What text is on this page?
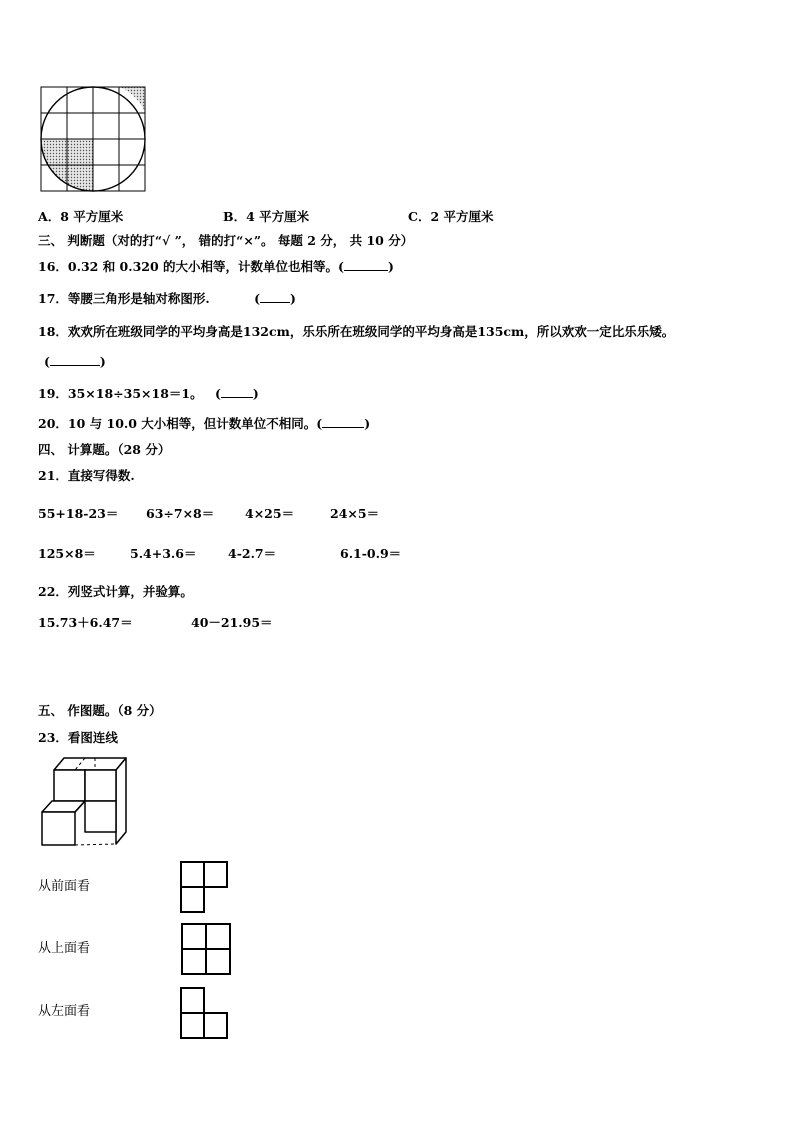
A．8 平方厘米	B．4 平方厘米	C．2 平方厘米
三、 判断题（对的打“√ ”， 错的打“×”。 每题 2 分， 共 10 分）
16．0.32 和 0.320 的大小相等，计数单位也相等。(	)
17．等腰三角形是轴对称图形.	( )
18．欢欢所在班级同学的平均身高是132cm，乐乐所在班级同学的平均身高是135cm，所以欢欢一定比乐乐矮。
(	)
19．35×18÷35×18＝1。 (	)
20．10 与 10.0 大小相等，但计数单位不相同。(	)
四、 计算题。（28 分）
21．直接写得数.
55+18-23＝ 63÷7×8＝ 4×25＝	24×5＝
125×8＝	5.4+3.6＝	4-2.7＝	6.1-0.9＝
22．列竖式计算，并验算。
15.73＋6.47＝	40－21.95＝
五、 作图题。（8 分）
23．看图连线
从前面看
从上面看
从左面看
